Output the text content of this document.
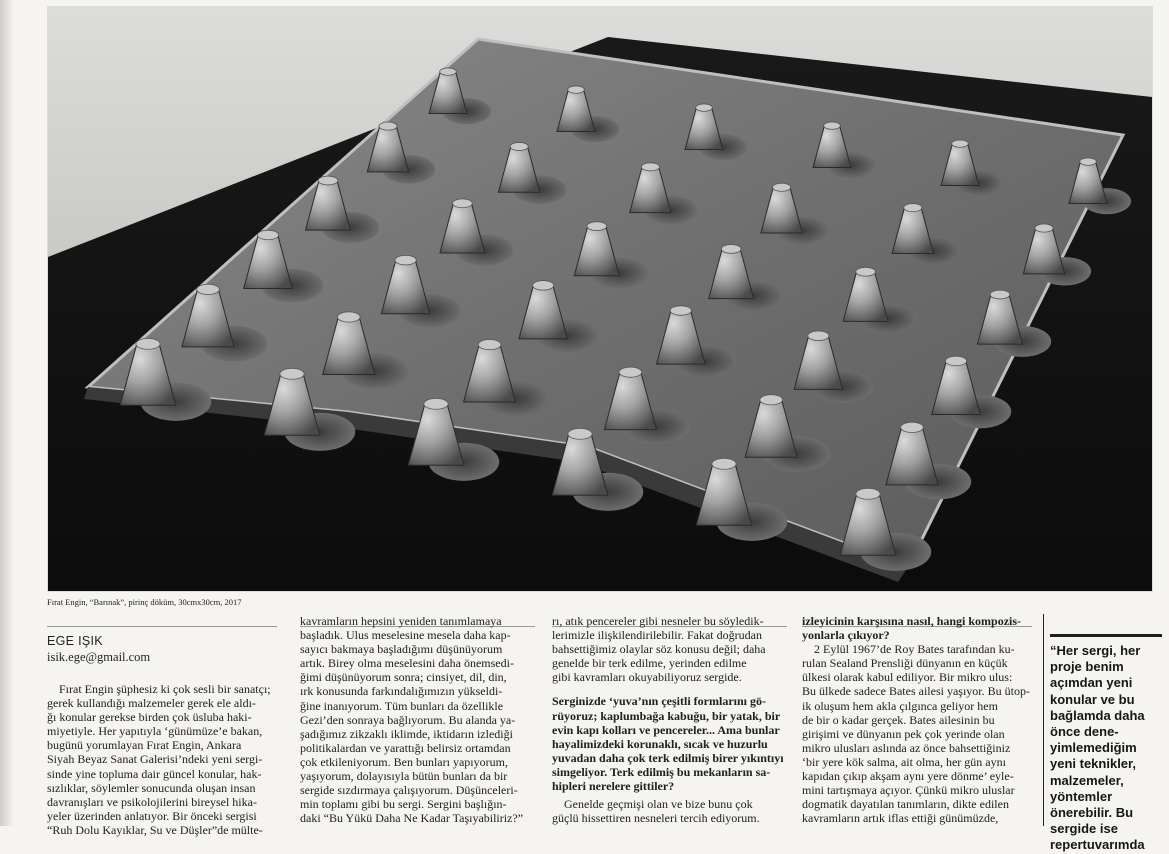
Fırat Engin, “Barınak”, pirinç döküm, 30cmx30cm, 2017
EGE IŞIK
isik.ege@gmail.com
Fırat Engin şüphesiz ki çok sesli bir sanatçı;
gerek kullandığı malzemeler gerek ele aldı-
ğı konular gerekse birden çok üsluba haki-
miyetiyle. Her yapıtıyla ‘günümüze’e bakan,
bugünü yorumlayan Fırat Engin, Ankara
Siyah Beyaz Sanat Galerisi’ndeki yeni sergi-
sinde yine topluma dair güncel konular, hak-
sızlıklar, söylemler sonucunda oluşan insan
davranışları ve psikolojilerini bireysel hika-
yeler üzerinden anlatıyor. Bir önceki sergisi
“Ruh Dolu Kayıklar, Su ve Düşler”de mülte-
kavramların hepsini yeniden tanımlamaya
başladık. Ulus meselesine mesela daha kap-
sayıcı bakmaya başladığımı düşünüyorum
artık. Birey olma meselesini daha önemsedi-
ğimi düşünüyorum sonra; cinsiyet, dil, din,
ırk konusunda farkındalığımızın yükseldi-
ğine inanıyorum. Tüm bunları da özellikle
Gezi’den sonraya bağlıyorum. Bu alanda ya-
şadığımız zikzaklı iklimde, iktidarın izlediği
politikalardan ve yarattığı belirsiz ortamdan
çok etkileniyorum. Ben bunları yapıyorum,
yaşıyorum, dolayısıyla bütün bunları da bir
sergide sızdırmaya çalışıyorum. Düşünceleri-
min toplamı gibi bu sergi. Sergini başlığın-
daki “Bu Yükü Daha Ne Kadar Taşıyabiliriz?”
rı, atık pencereler gibi nesneler bu söyledik-
lerimizle ilişkilendirilebilir. Fakat doğrudan
bahsettiğimiz olaylar söz konusu değil; daha
genelde bir terk edilme, yerinden edilme
gibi kavramları okuyabiliyoruz sergide.
Serginizde ‘yuva’nın çeşitli formlarını gö-
rüyoruz; kaplumbağa kabuğu, bir yatak, bir
evin kapı kolları ve pencereler... Ama bunlar
hayalimizdeki korunaklı, sıcak ve huzurlu
yuvadan daha çok terk edilmiş birer yıkıntıyı
simgeliyor. Terk edilmiş bu mekanların sa-
hipleri nerelere gittiler?
Genelde geçmişi olan ve bize bunu çok
güçlü hissettiren nesneleri tercih ediyorum.
izleyicinin karşısına nasıl, hangi kompozis-
yonlarla çıkıyor?
2 Eylül 1967’de Roy Bates tarafından ku-
rulan Sealand Prensliği dünyanın en küçük
ülkesi olarak kabul ediliyor. Bir mikro ulus:
Bu ülkede sadece Bates ailesi yaşıyor. Bu ütop-
ik oluşum hem akla çılgınca geliyor hem
de bir o kadar gerçek. Bates ailesinin bu
girişimi ve dünyanın pek çok yerinde olan
mikro ulusları aslında az önce bahsettiğiniz
‘bir yere kök salma, ait olma, her gün aynı
kapıdan çıkıp akşam aynı yere dönme’ eyle-
mini tartışmaya açıyor. Çünkü mikro uluslar
dogmatik dayatılan tanımların, dikte edilen
kavramların artık iflas ettiği günümüzde,
“Her sergi, her
proje benim
açımdan yeni
konular ve bu
bağlamda daha
önce dene-
yimlemediğim
yeni teknikler,
malzemeler,
yöntemler
önerebilir. Bu
sergide ise
repertuvarımda
